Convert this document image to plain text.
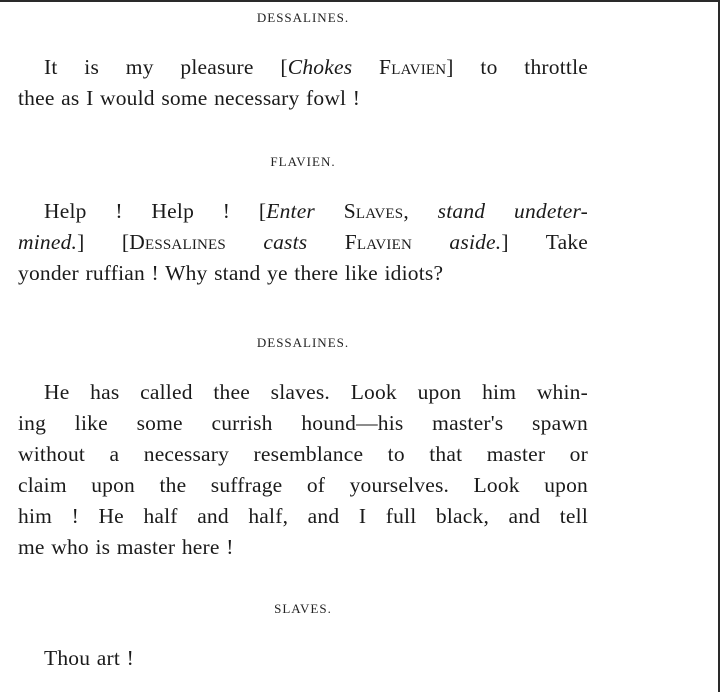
DESSALINES.
It is my pleasure [Chokes Flavien] to throttle
thee as I would some necessary fowl !
FLAVIEN.
Help ! Help ! [Enter Slaves, stand undeter-
mined.] [Dessalines casts Flavien aside.] Take
yonder ruffian ! Why stand ye there like idiots?
DESSALINES.
He has called thee slaves. Look upon him whin-
ing like some currish hound—his master's spawn
without a necessary resemblance to that master or
claim upon the suffrage of yourselves. Look upon
him ! He half and half, and I full black, and tell
me who is master here !
SLAVES.
Thou art !
